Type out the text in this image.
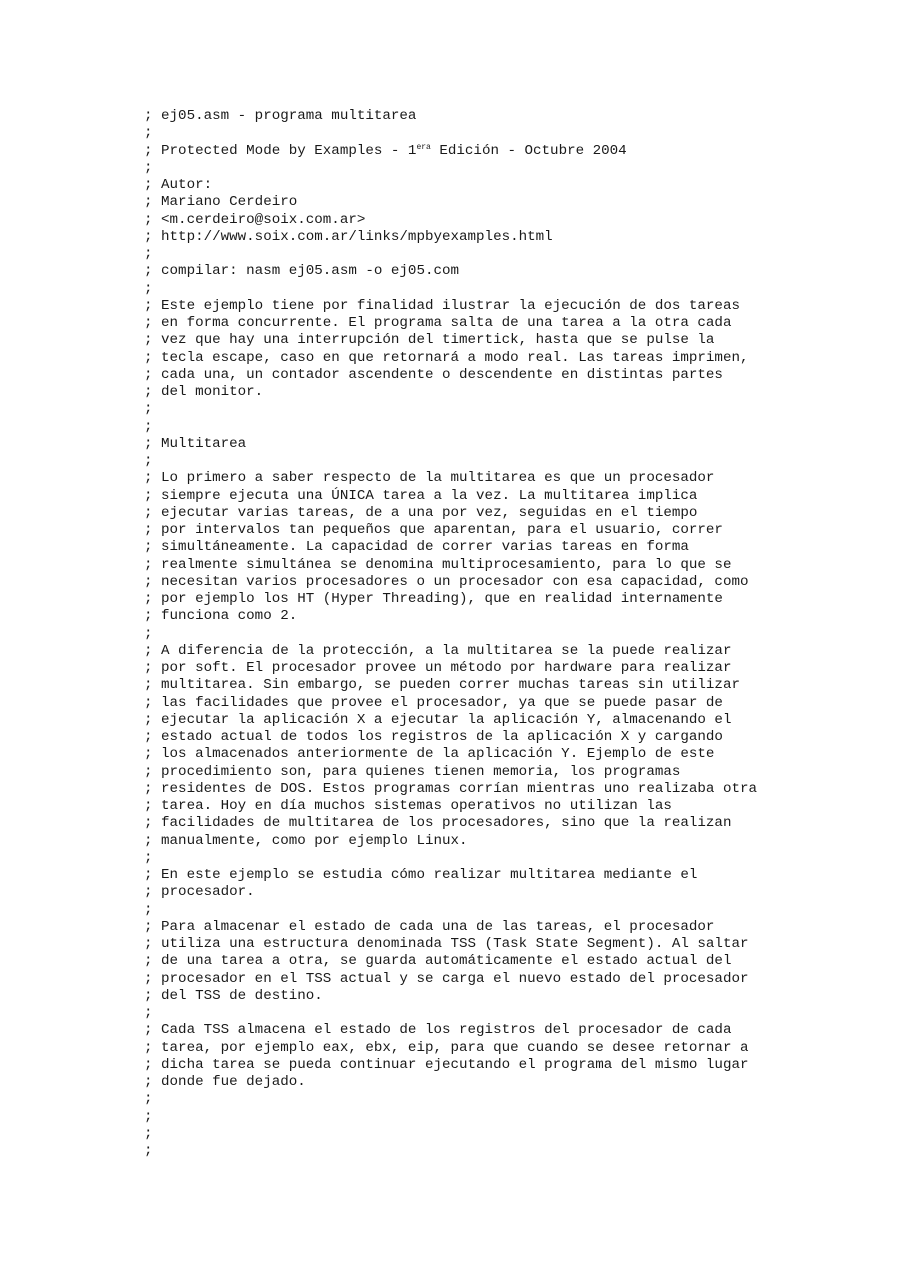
; ej05.asm - programa multitarea
;
; Protected Mode by Examples - $1^{era}$ Edición - Octubre 2004
;
; Autor:
; Mariano Cerdeiro
; <m.cerdeiro@soix.com.ar>
; http://www.soix.com.ar/links/mpbyexamples.html
;
; compilar: nasm ej05.asm -o ej05.com
;
; Este ejemplo tiene por finalidad ilustrar la ejecución de dos tareas
; en forma concurrente. El programa salta de una tarea a la otra cada
; vez que hay una interrupción del timertick, hasta que se pulse la
; tecla escape, caso en que retornará a modo real. Las tareas imprimen,
; cada una, un contador ascendente o descendente en distintas partes
; del monitor.
;
;
; Multitarea
;
; Lo primero a saber respecto de la multitarea es que un procesador
; siempre ejecuta una ÚNICA tarea a la vez. La multitarea implica
; ejecutar varias tareas, de a una por vez, seguidas en el tiempo
; por intervalos tan pequeños que aparentan, para el usuario, correr
; simultáneamente. La capacidad de correr varias tareas en forma
; realmente simultánea se denomina multiprocesamiento, para lo que se
; necesitan varios procesadores o un procesador con esa capacidad, como
; por ejemplo los HT (Hyper Threading), que en realidad internamente
; funciona como 2.
;
; A diferencia de la protección, a la multitarea se la puede realizar
; por soft. El procesador provee un método por hardware para realizar
; multitarea. Sin embargo, se pueden correr muchas tareas sin utilizar
; las facilidades que provee el procesador, ya que se puede pasar de
; ejecutar la aplicación X a ejecutar la aplicación Y, almacenando el
; estado actual de todos los registros de la aplicación X y cargando
; los almacenados anteriormente de la aplicación Y. Ejemplo de este
; procedimiento son, para quienes tienen memoria, los programas
; residentes de DOS. Estos programas corrían mientras uno realizaba otra
; tarea. Hoy en día muchos sistemas operativos no utilizan las
; facilidades de multitarea de los procesadores, sino que la realizan
; manualmente, como por ejemplo Linux.
;
; En este ejemplo se estudia cómo realizar multitarea mediante el
; procesador.
;
; Para almacenar el estado de cada una de las tareas, el procesador
; utiliza una estructura denominada TSS (Task State Segment). Al saltar
; de una tarea a otra, se guarda automáticamente el estado actual del
; procesador en el TSS actual y se carga el nuevo estado del procesador
; del TSS de destino.
;
; Cada TSS almacena el estado de los registros del procesador de cada
; tarea, por ejemplo eax, ebx, eip, para que cuando se desee retornar a
; dicha tarea se pueda continuar ejecutando el programa del mismo lugar
; donde fue dejado.
;
;
;
;
